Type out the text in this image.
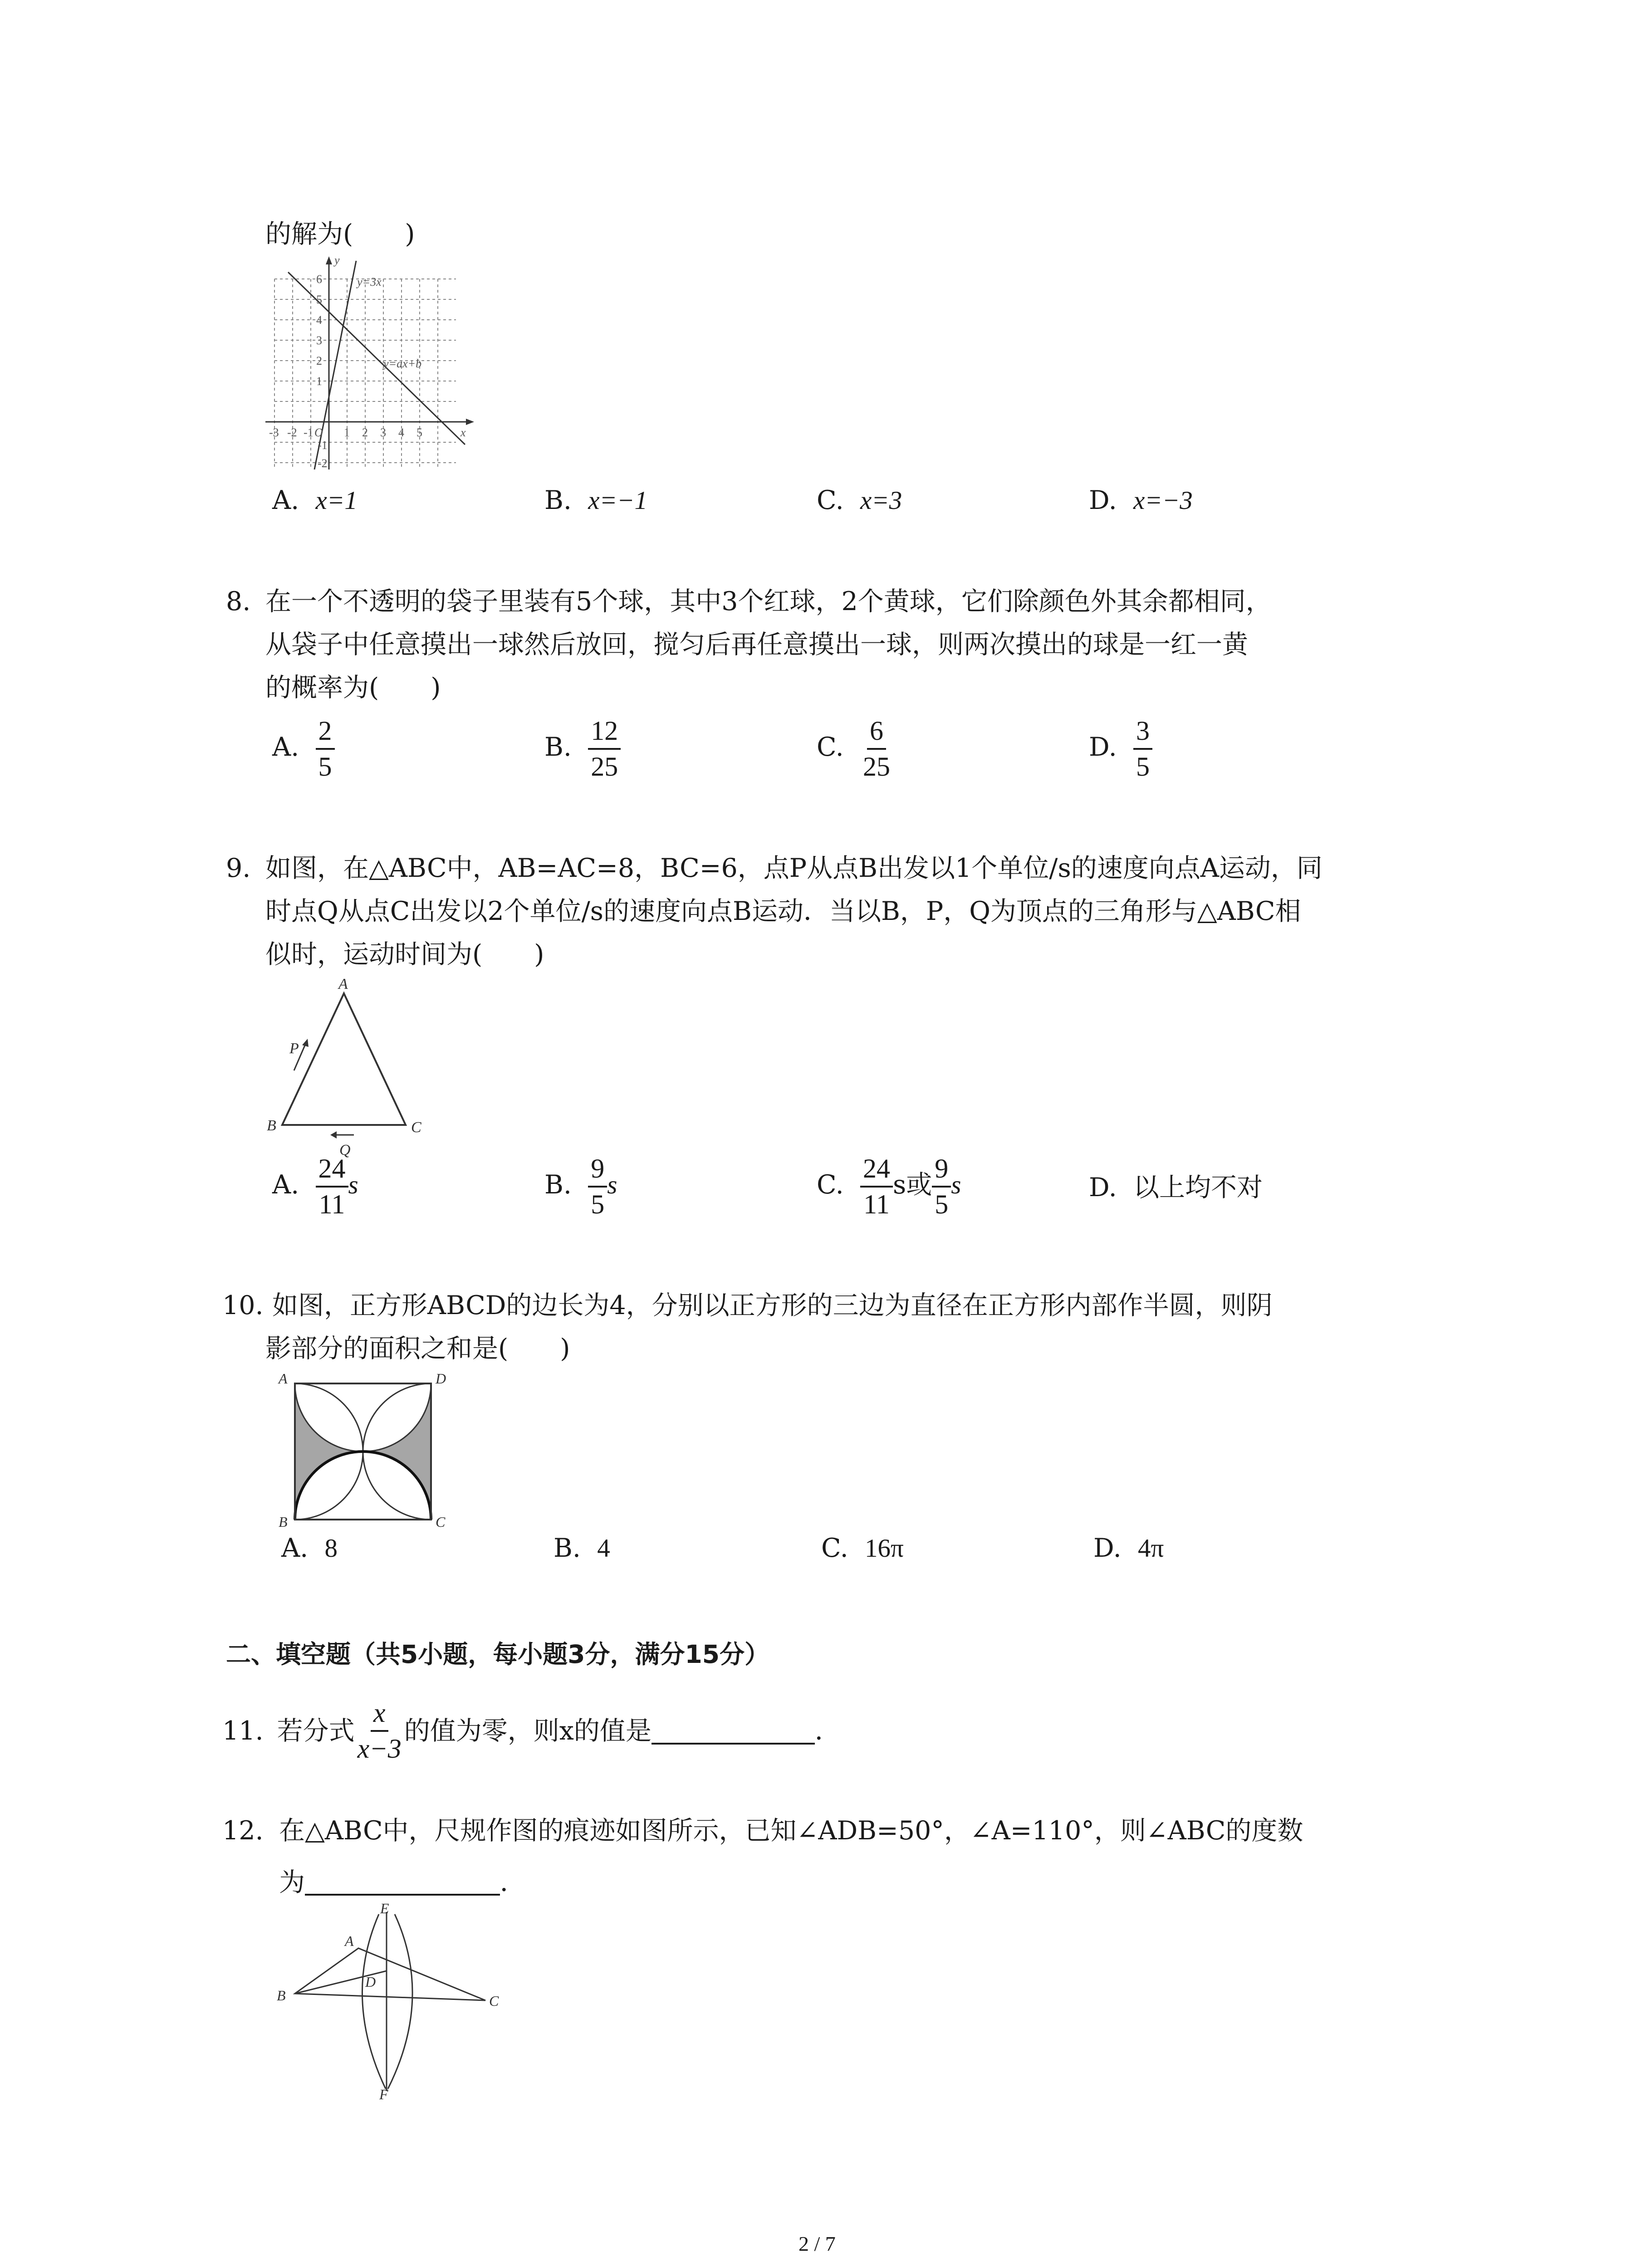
的解为(　　)
y
x
O
y=3x
y=ax+b
6
5
4
3
2
1
-1
-2
-3 -2 -1	1 2 3 4 5
A. x=1	B. x=−1	C. x=3	D. x=−3
8. 在一个不透明的袋子里装有5个球，其中3个红球，2个黄球，它们除颜色外其余都相同，
从袋子中任意摸出一球然后放回，搅匀后再任意摸出一球，则两次摸出的球是一红一黄
的概率为(　　)
A. $\frac{2}{5}$	B. $\frac{12}{25}$	C. $\frac{6}{25}$	D. $\frac{3}{5}$
9. 如图，在△ABC中，AB=AC=8，BC=6，点P从点B出发以1个单位/s的速度向点A运动，同
时点Q从点C出发以2个单位/s的速度向点B运动．当以B，P，Q为顶点的三角形与△ABC相
似时，运动时间为(　　)
A
B	C
P
Q
A. $\frac{24}{11}$ s	B. $\frac{9}{5}$ s	C. $\frac{24}{11}$ s或 $\frac{9}{5}$ s	D. 以上均不对
10. 如图，正方形ABCD的边长为4，分别以正方形的三边为直径在正方形内部作半圆，则阴
影部分的面积之和是(　　)
A	D
B	C
A. 8	B. 4	C. 16π	D. 4π
二、填空题（共5小题，每小题3分，满分15分）
11. 若分式 $\frac{x}{x-3}$ 的值为零，则x的值是	．
12. 在△ABC中，尺规作图的痕迹如图所示，已知∠ADB=50°，∠A=110°，则∠ABC的度数
为	．
E
A
D
B	C
F
2 / 7
